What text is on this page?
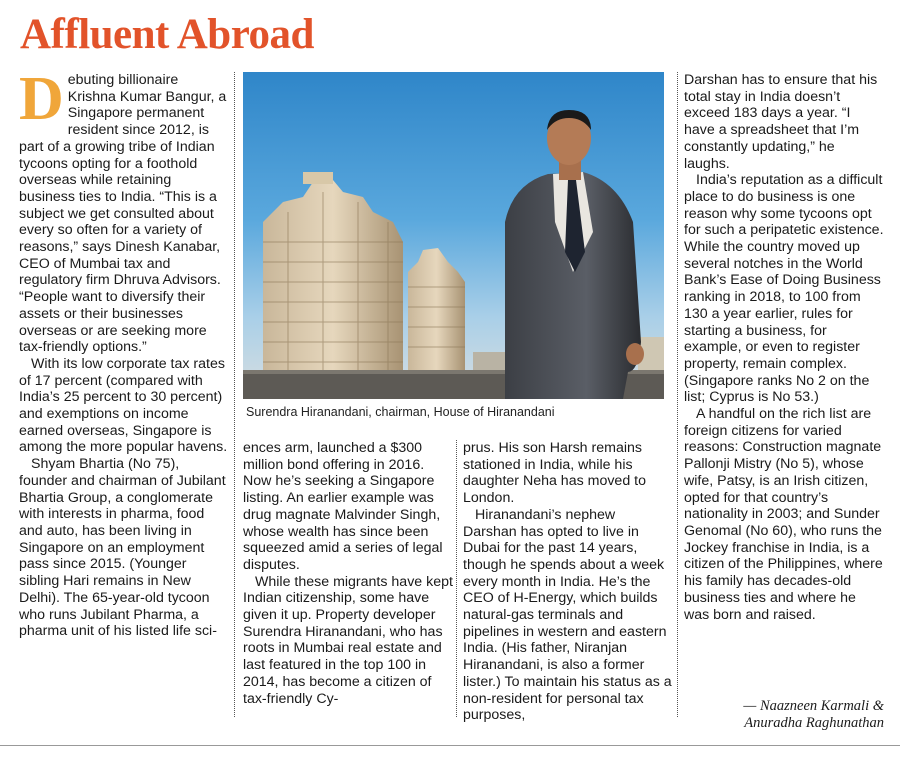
Affluent Abroad

Debuting billionaire Krishna Kumar Bangur, a Singapore permanent resident since 2012, is part of a growing tribe of Indian tycoons opting for a foothold overseas while retaining business ties to India. “This is a subject we get consulted about every so often for a variety of reasons,” says Dinesh Kanabar, CEO of Mumbai tax and regulatory firm Dhruva Advisors. “People want to diversify their assets or their businesses overseas or are seeking more tax-friendly options.”

With its low corporate tax rates of 17 percent (compared with India’s 25 percent to 30 percent) and exemptions on income earned overseas, Singapore is among the more popular havens.

Shyam Bhartia (No 75), founder and chairman of Jubilant Bhartia Group, a conglomerate with interests in pharma, food and auto, has been living in Singapore on an employment pass since 2015. (Younger sibling Hari remains in New Delhi). The 65-year-old tycoon who runs Jubilant Pharma, a pharma unit of his listed life sci-

Surendra Hiranandani, chairman, House of Hiranandani

ences arm, launched a $300 million bond offering in 2016. Now he’s seeking a Singapore listing. An earlier example was drug magnate Malvinder Singh, whose wealth has since been squeezed amid a series of legal disputes.

While these migrants have kept Indian citizenship, some have given it up. Property developer Surendra Hiranandani, who has roots in Mumbai real estate and last featured in the top 100 in 2014, has become a citizen of tax-friendly Cy-

prus. His son Harsh remains stationed in India, while his daughter Neha has moved to London.

Hiranandani’s nephew Darshan has opted to live in Dubai for the past 14 years, though he spends about a week every month in India. He’s the CEO of H-Energy, which builds natural-gas terminals and pipelines in western and eastern India. (His father, Niranjan Hiranandani, is also a former lister.) To maintain his status as a non-resident for personal tax purposes,

Darshan has to ensure that his total stay in India doesn’t exceed 183 days a year. “I have a spreadsheet that I’m constantly updating,” he laughs.

India’s reputation as a difficult place to do business is one reason why some tycoons opt for such a peripatetic existence. While the country moved up several notches in the World Bank’s Ease of Doing Business ranking in 2018, to 100 from 130 a year earlier, rules for starting a business, for example, or even to register property, remain complex. (Singapore ranks No 2 on the list; Cyprus is No 53.)

A handful on the rich list are foreign citizens for varied reasons: Construction magnate Pallonji Mistry (No 5), whose wife, Patsy, is an Irish citizen, opted for that country’s nationality in 2003; and Sunder Genomal (No 60), who runs the Jockey franchise in India, is a citizen of the Philippines, where his family has decades-old business ties and where he was born and raised.

— Naazneen Karmali &
Anuradha Raghunathan
